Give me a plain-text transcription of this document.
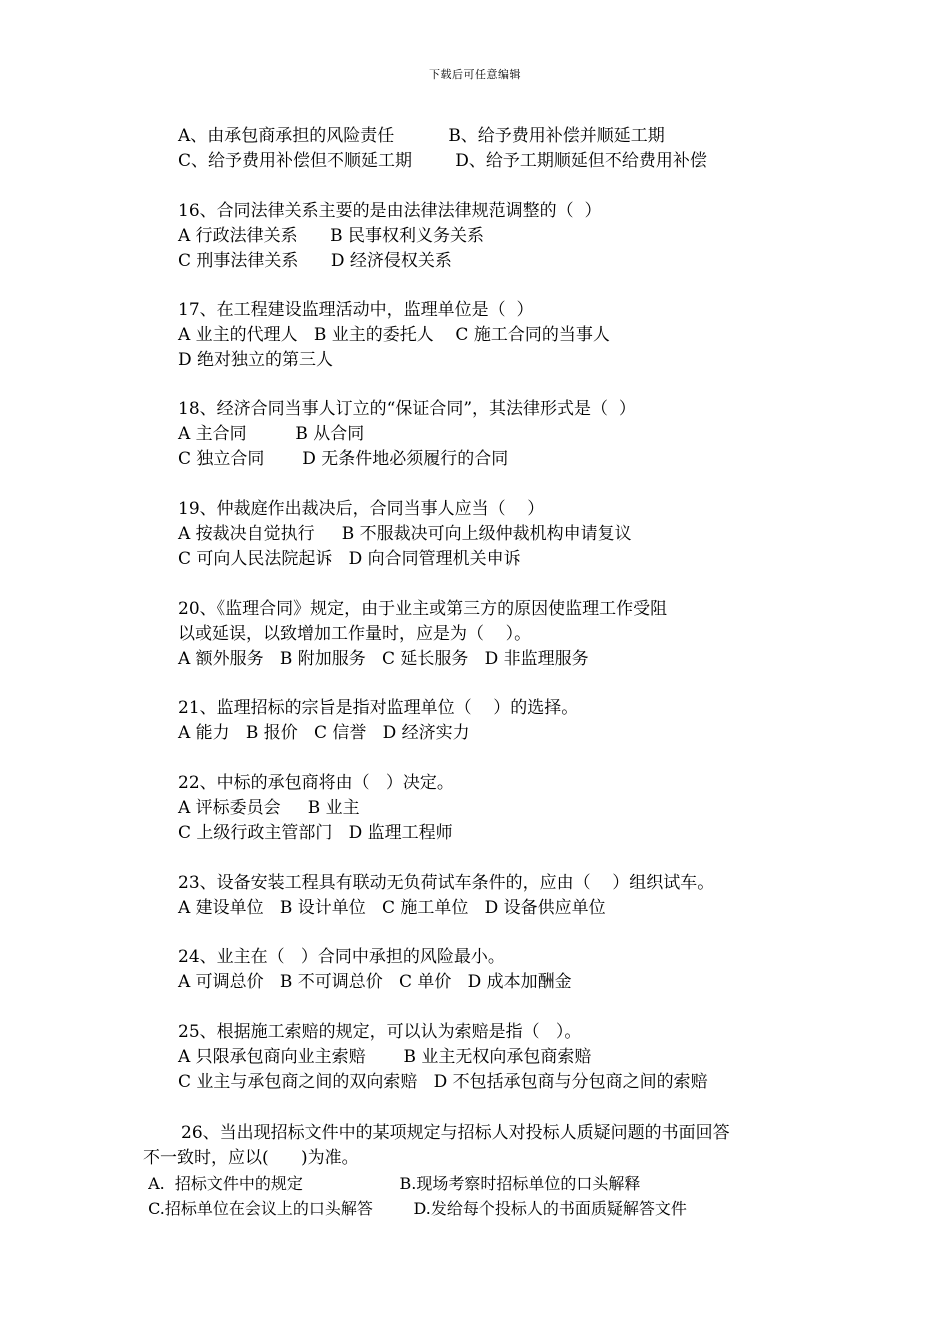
下载后可任意编辑
A、由承包商承担的风险责任          B、给予费用补偿并顺延工期
C、给予费用补偿但不顺延工期        D、给予工期顺延但不给费用补偿
16、合同法律关系主要的是由法律法律规范调整的（  ）
A 行政法律关系      B 民事权利义务关系
C 刑事法律关系      D 经济侵权关系
17、在工程建设监理活动中，监理单位是（  ）
A 业主的代理人   B 业主的委托人    C 施工合同的当事人
D 绝对独立的第三人
18、经济合同当事人订立的“保证合同”，其法律形式是（  ）
A 主合同         B 从合同
C 独立合同       D 无条件地必须履行的合同
19、仲裁庭作出裁决后，合同当事人应当（    ）
A 按裁决自觉执行     B 不服裁决可向上级仲裁机构申请复议
C 可向人民法院起诉   D 向合同管理机关申诉
20、《监理合同》规定，由于业主或第三方的原因使监理工作受阻
以或延误，以致增加工作量时，应是为（    ）。
A 额外服务   B 附加服务   C 延长服务   D 非监理服务
21、监理招标的宗旨是指对监理单位（    ）的选择。
A 能力   B 报价   C 信誉   D 经济实力
22、中标的承包商将由（   ）决定。
A 评标委员会     B 业主
C 上级行政主管部门   D 监理工程师
23、设备安装工程具有联动无负荷试车条件的，应由（    ）组织试车。
A 建设单位   B 设计单位   C 施工单位   D 设备供应单位
24、业主在（   ）合同中承担的风险最小。
A 可调总价   B 不可调总价   C 单价   D 成本加酬金
25、根据施工索赔的规定，可以认为索赔是指（   ）。
A 只限承包商向业主索赔       B 业主无权向承包商索赔
C 业主与承包商之间的双向索赔   D 不包括承包商与分包商之间的索赔
26、当出现招标文件中的某项规定与招标人对投标人质疑问题的书面回答
不一致时，应以(      )为准。
A.  招标文件中的规定                   B.现场考察时招标单位的口头解释
C.招标单位在会议上的口头解答        D.发给每个投标人的书面质疑解答文件
